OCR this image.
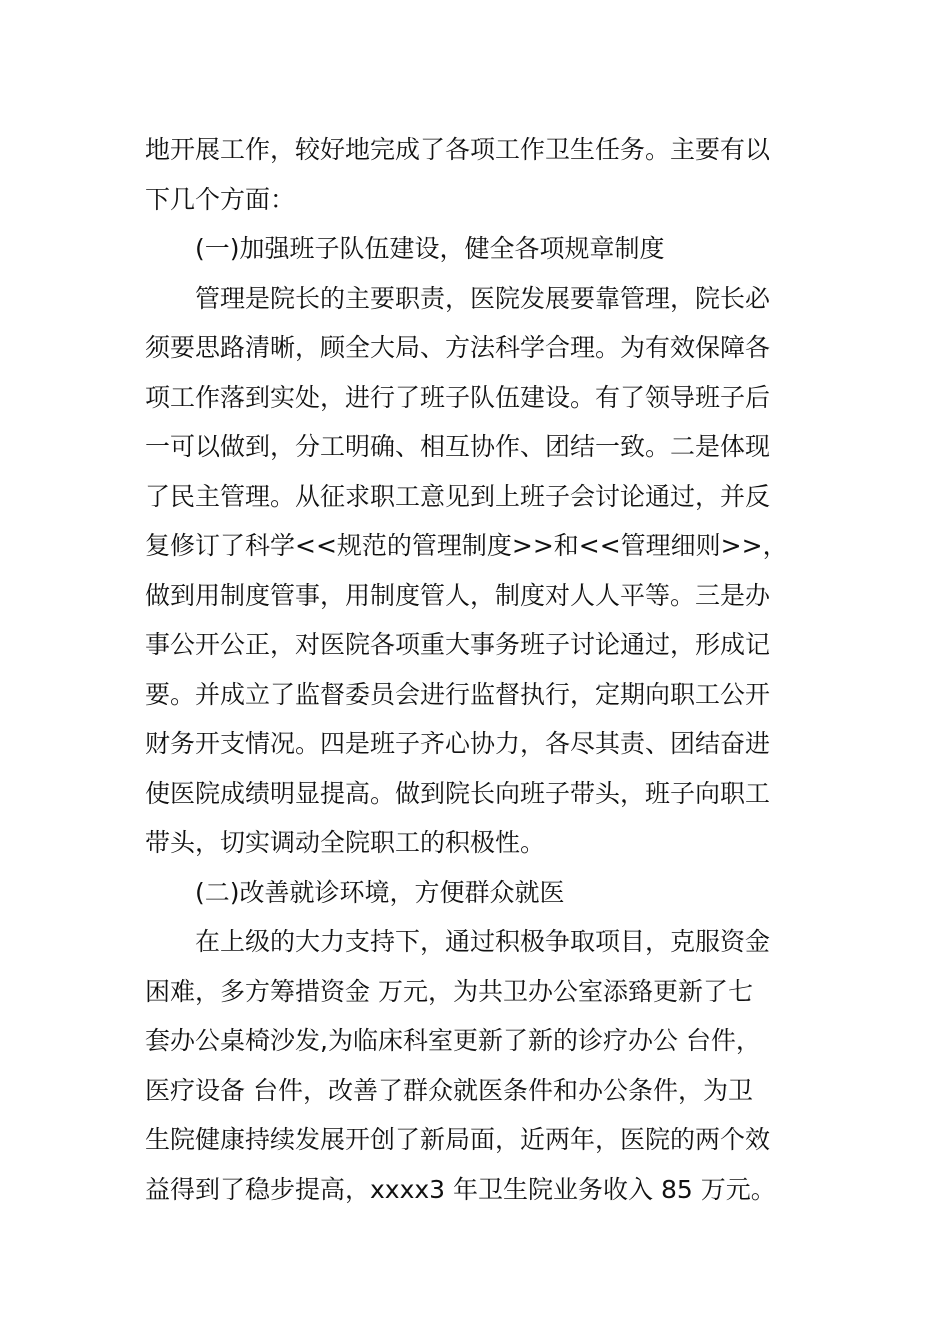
地开展工作，较好地完成了各项工作卫生任务。主要有以
下几个方面：
(一)加强班子队伍建设，健全各项规章制度
管理是院长的主要职责，医院发展要靠管理，院长必
须要思路清晰，顾全大局、方法科学合理。为有效保障各
项工作落到实处，进行了班子队伍建设。有了领导班子后
一可以做到，分工明确、相互协作、团结一致。二是体现
了民主管理。从征求职工意见到上班子会讨论通过，并反
复修订了科学<<规范的管理制度>>和<<管理细则>>，
做到用制度管事，用制度管人，制度对人人平等。三是办
事公开公正，对医院各项重大事务班子讨论通过，形成记
要。并成立了监督委员会进行监督执行，定期向职工公开
财务开支情况。四是班子齐心协力，各尽其责、团结奋进
使医院成绩明显提高。做到院长向班子带头，班子向职工
带头，切实调动全院职工的积极性。
(二)改善就诊环境，方便群众就医
在上级的大力支持下，通过积极争取项目，克服资金
困难，多方筹措资金 万元，为共卫办公室添臵更新了七
套办公桌椅沙发,为临床科室更新了新的诊疗办公 台件，
医疗设备 台件，改善了群众就医条件和办公条件，为卫
生院健康持续发展开创了新局面，近两年，医院的两个效
益得到了稳步提高，xxxx3 年卫生院业务收入 85 万元。
